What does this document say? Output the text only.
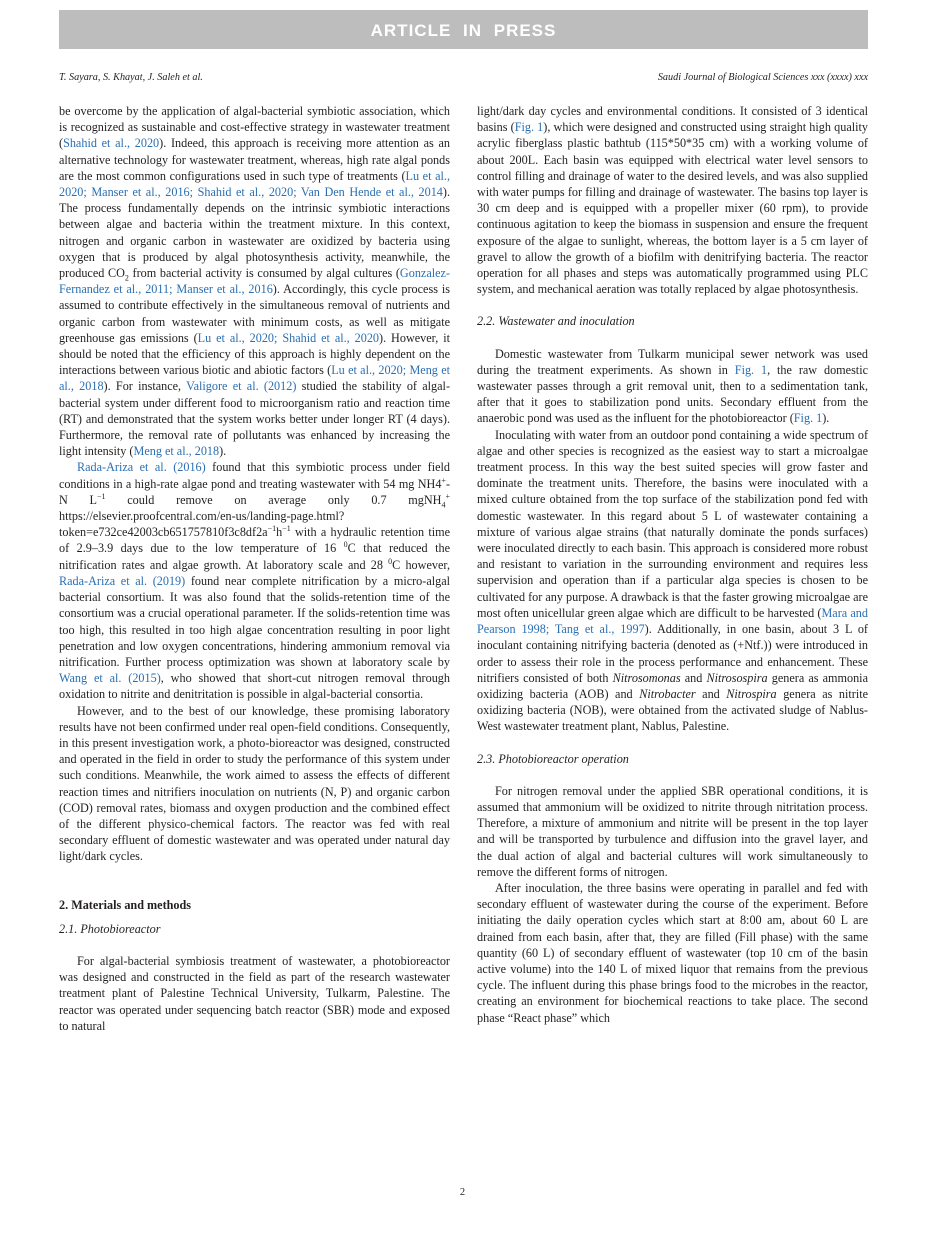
ARTICLE IN PRESS
T. Sayara, S. Khayat, J. Saleh et al.	Saudi Journal of Biological Sciences xxx (xxxx) xxx

be overcome by the application of algal-bacterial symbiotic association, which is recognized as sustainable and cost-effective strategy in wastewater treatment (Shahid et al., 2020). Indeed, this approach is receiving more attention as an alternative technology for wastewater treatment, whereas, high rate algal ponds are the most common configurations used in such type of treatments (Lu et al., 2020; Manser et al., 2016; Shahid et al., 2020; Van Den Hende et al., 2014). The process fundamentally depends on the intrinsic symbiotic interactions between algae and bacteria within the treatment mixture. In this context, nitrogen and organic carbon in wastewater are oxidized by bacteria using oxygen that is produced by algal photosynthesis activity, meanwhile, the produced $CO_2$ from bacterial activity is consumed by algal cultures (Gonzalez-Fernandez et al., 2011; Manser et al., 2016). Accordingly, this cycle process is assumed to contribute effectively in the simultaneous removal of nutrients and organic carbon from wastewater with minimum costs, as well as mitigate greenhouse gas emissions (Lu et al., 2020; Shahid et al., 2020). However, it should be noted that the efficiency of this approach is highly dependent on the interactions between various biotic and abiotic factors (Lu et al., 2020; Meng et al., 2018). For instance, Valigore et al. (2012) studied the stability of algal- bacterial system under different food to microorganism ratio and reaction time (RT) and demonstrated that the system works better under longer RT (4 days). Furthermore, the removal rate of pollutants was enhanced by increasing the light intensity (Meng et al., 2018).

Rada-Ariza et al. (2016) found that this symbiotic process under field conditions in a high-rate algae pond and treating wastewater with 54 mg NH4+-N $L^{-1}$ could remove on average only 0.7 mgNH$_4$+ $https://elsevier.proofcentral.com/en-us/landing-page.html?token=e732ce42003cb651757810f3c8df2a^{-1}h^{-1}$ with a hydraulic retention time of 2.9–3.9 days due to the low temperature of 16 $^0$C that reduced the nitrification rates and algae growth. At laboratory scale and 28 $^0$C however, Rada-Ariza et al. (2019) found near complete nitrification by a micro-algal bacterial consortium. It was also found that the solids-retention time of the consortium was a crucial operational parameter. If the solids-retention time was too high, this resulted in too high algae concentration resulting in poor light penetration and low oxygen concentrations, hindering ammonium removal via nitrification. Further process optimization was shown at laboratory scale by Wang et al. (2015), who showed that short-cut nitrogen removal through oxidation to nitrite and denitritation is possible in algal-bacterial consortia.

However, and to the best of our knowledge, these promising laboratory results have not been confirmed under real open-field conditions. Consequently, in this present investigation work, a photo-bioreactor was designed, constructed and operated in the field in order to study the performance of this system under such conditions. Meanwhile, the work aimed to assess the effects of different reaction times and nitrifiers inoculation on nutrients (N, P) and organic carbon (COD) removal rates, biomass and oxygen production and the combined effect of the different physico-chemical factors. The reactor was fed with real secondary effluent of domestic wastewater and was operated under natural day light/dark cycles.

2. Materials and methods
2.1. Photobioreactor

For algal-bacterial symbiosis treatment of wastewater, a photobioreactor was designed and constructed in the field as part of the research wastewater treatment plant of Palestine Technical University, Tulkarm, Palestine. The reactor was operated under sequencing batch reactor (SBR) mode and exposed to natural

light/dark day cycles and environmental conditions. It consisted of 3 identical basins (Fig. 1), which were designed and constructed using straight high quality acrylic fiberglass plastic bathtub (115*50*35 cm) with a working volume of about 200L. Each basin was equipped with electrical water level sensors to control filling and drainage of water to the desired levels, and was also supplied with water pumps for filling and drainage of wastewater. The basins top layer is 30 cm deep and is equipped with a propeller mixer (60 rpm), to provide continuous agitation to keep the biomass in suspension and ensure the frequent exposure of the algae to sunlight, whereas, the bottom layer is a 5 cm layer of gravel to allow the growth of a biofilm with denitrifying bacteria. The reactor operation for all phases and steps was automatically programmed using PLC system, and mechanical aeration was totally replaced by algae photosynthesis.

2.2. Wastewater and inoculation

Domestic wastewater from Tulkarm municipal sewer network was used during the treatment experiments. As shown in Fig. 1, the raw domestic wastewater passes through a grit removal unit, then to a sedimentation tank, after that it goes to stabilization pond units. Secondary effluent from the anaerobic pond was used as the influent for the photobioreactor (Fig. 1).

Inoculating with water from an outdoor pond containing a wide spectrum of algae and other species is recognized as the easiest way to start a microalgae treatment process. In this way the best suited species will grow faster and dominate the treatment units. Therefore, the basins were inoculated with a mixed culture obtained from the top surface of the stabilization pond fed with domestic wastewater. In this regard about 5 L of wastewater containing a mixture of various algae strains (that naturally dominate the ponds surfaces) were inoculated directly to each basin. This approach is considered more robust and resistant to variation in the surrounding environment and requires less supervision and operation than if a particular alga species is chosen to be cultivated for any purpose. A drawback is that the faster growing microalgae are most often unicellular green algae which are difficult to be harvested (Mara and Pearson 1998; Tang et al., 1997). Additionally, in one basin, about 3 L of inoculant containing nitrifying bacteria (denoted as (+Ntf.)) were introduced in order to assess their role in the process performance and enhancement. These nitrifiers consisted of both Nitrosomonas and Nitrosospira genera as ammonia oxidizing bacteria (AOB) and Nitrobacter and Nitrospira genera as nitrite oxidizing bacteria (NOB), were obtained from the activated sludge of Nablus-West wastewater treatment plant, Nablus, Palestine.

2.3. Photobioreactor operation

For nitrogen removal under the applied SBR operational conditions, it is assumed that ammonium will be oxidized to nitrite through nitritation process. Therefore, a mixture of ammonium and nitrite will be present in the top layer and will be transported by turbulence and diffusion into the gravel layer, and the dual action of algal and bacterial cultures will work simultaneously to remove the different forms of nitrogen.

After inoculation, the three basins were operating in parallel and fed with secondary effluent of wastewater during the course of the experiment. Before initiating the daily operation cycles which start at 8:00 am, about 60 L are drained from each basin, after that, they are filled (Fill phase) with the same quantity (60 L) of secondary effluent of wastewater (top 10 cm of the basin active volume) into the 140 L of mixed liquor that remains from the previous cycle. The influent during this phase brings food to the microbes in the reactor, creating an environment for biochemical reactions to take place. The second phase “React phase” which

2
